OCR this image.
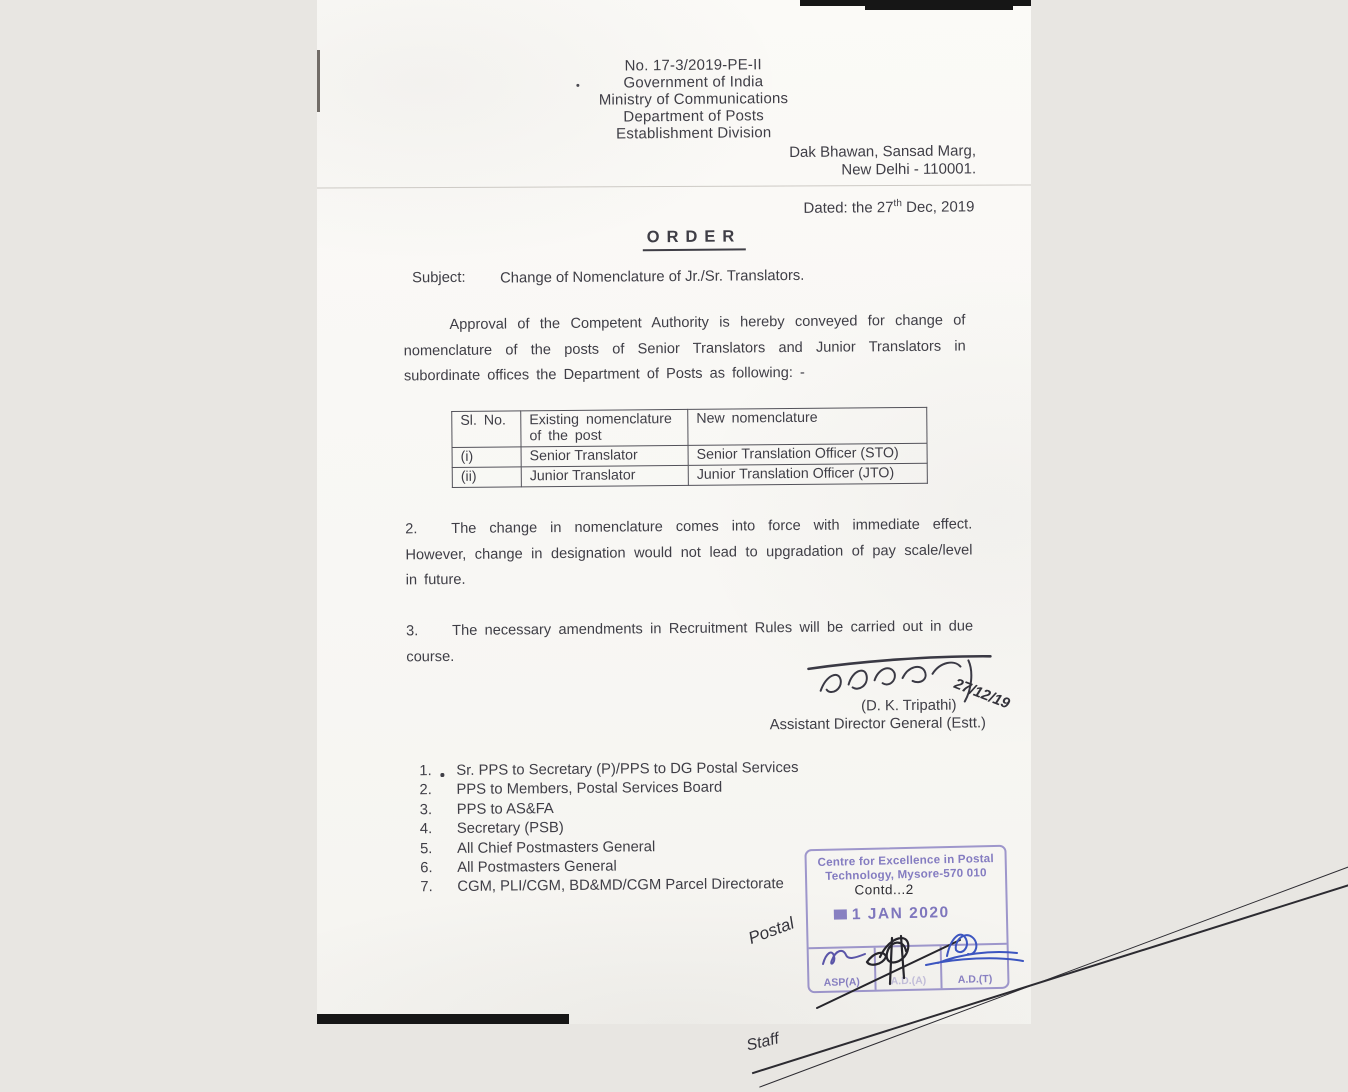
No. 17-3/2019-PE-II
Government of India
Ministry of Communications
Department of Posts
Establishment Division
Dak Bhawan, Sansad Marg,
New Delhi - 110001.
Dated: the 27th Dec, 2019
ORDER
Subject: Change of Nomenclature of Jr./Sr. Translators.
Approval of the Competent Authority is hereby conveyed for change of nomenclature of the posts of Senior Translators and Junior Translators in subordinate offices the Department of Posts as following: -
Sl. No.	Existing nomenclature of the post	New nomenclature
(i)	Senior Translator	Senior Translation Officer (STO)
(ii)	Junior Translator	Junior Translation Officer (JTO)
2. The change in nomenclature comes into force with immediate effect. However, change in designation would not lead to upgradation of pay scale/level in future.
3. The necessary amendments in Recruitment Rules will be carried out in due course.
27/12/19
(D. K. Tripathi)
Assistant Director General (Estt.)
1. Sr. PPS to Secretary (P)/PPS to DG Postal Services
2. PPS to Members, Postal Services Board
3. PPS to AS&FA
4. Secretary (PSB)
5. All Chief Postmasters General
6. All Postmasters General
7. CGM, PLI/CGM, BD&MD/CGM Parcel Directorate	Contd...2
Postal
Staff
Centre for Excellence in Postal
Technology, Mysore-570 010
1 JAN 2020
ASP(A)	A.D.(A)	A.D.(T)
